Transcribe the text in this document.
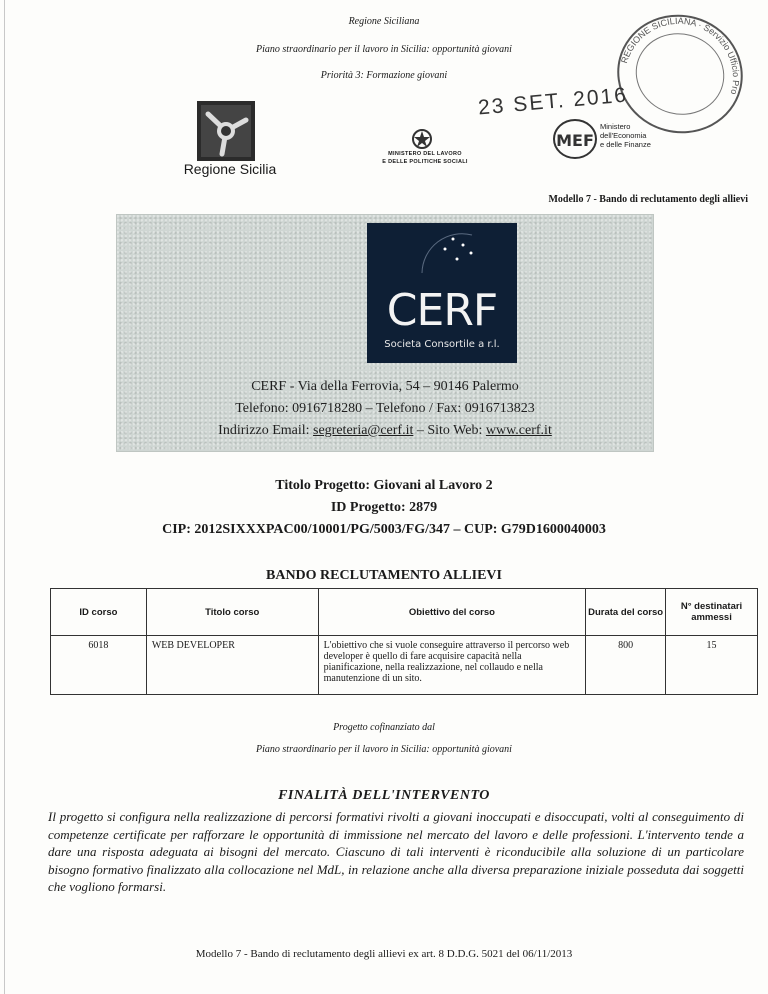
Regione Siciliana
Piano straordinario per il lavoro in Sicilia: opportunità giovani
Priorità 3: Formazione giovani
Regione Sicilia
MINISTERO DEL LAVORO
E DELLE POLITICHE SOCIALI
MEF
Ministero
dell'Economia
e delle Finanze
REGIONE SICILIANA · Servizio Ufficio Provinciale
23 SET. 2016
Modello 7 - Bando di reclutamento degli allievi
CERF
Societa Consortile a r.l.
CERF - Via della Ferrovia, 54 – 90146 Palermo
Telefono: 0916718280 – Telefono / Fax: 0916713823
Indirizzo Email: segreteria@cerf.it – Sito Web: www.cerf.it
Titolo Progetto: Giovani al Lavoro 2
ID Progetto: 2879
CIP: 2012SIXXXPAC00/10001/PG/5003/FG/347 – CUP: G79D1600040003
BANDO RECLUTAMENTO ALLIEVI
ID corso	Titolo corso	Obiettivo del corso	Durata del corso	N° destinatari ammessi
6018	WEB DEVELOPER	L'obiettivo che si vuole conseguire attraverso il percorso web developer è quello di fare acquisire capacità nella pianificazione, nella realizzazione, nel collaudo e nella manutenzione di un sito.	800	15
Progetto cofinanziato dal
Piano straordinario per il lavoro in Sicilia: opportunità giovani
FINALITÀ DELL'INTERVENTO
Il progetto si configura nella realizzazione di percorsi formativi rivolti a giovani inoccupati e disoccupati, volti al conseguimento di competenze certificate per rafforzare le opportunità di immissione nel mercato del lavoro e delle professioni. L'intervento tende a dare una risposta adeguata ai bisogni del mercato. Ciascuno di tali interventi è riconducibile alla soluzione di un particolare bisogno formativo finalizzato alla collocazione nel MdL, in relazione anche alla diversa preparazione iniziale posseduta dai soggetti che vogliono formarsi.
Modello 7 - Bando di reclutamento degli allievi ex art. 8 D.D.G. 5021 del 06/11/2013
